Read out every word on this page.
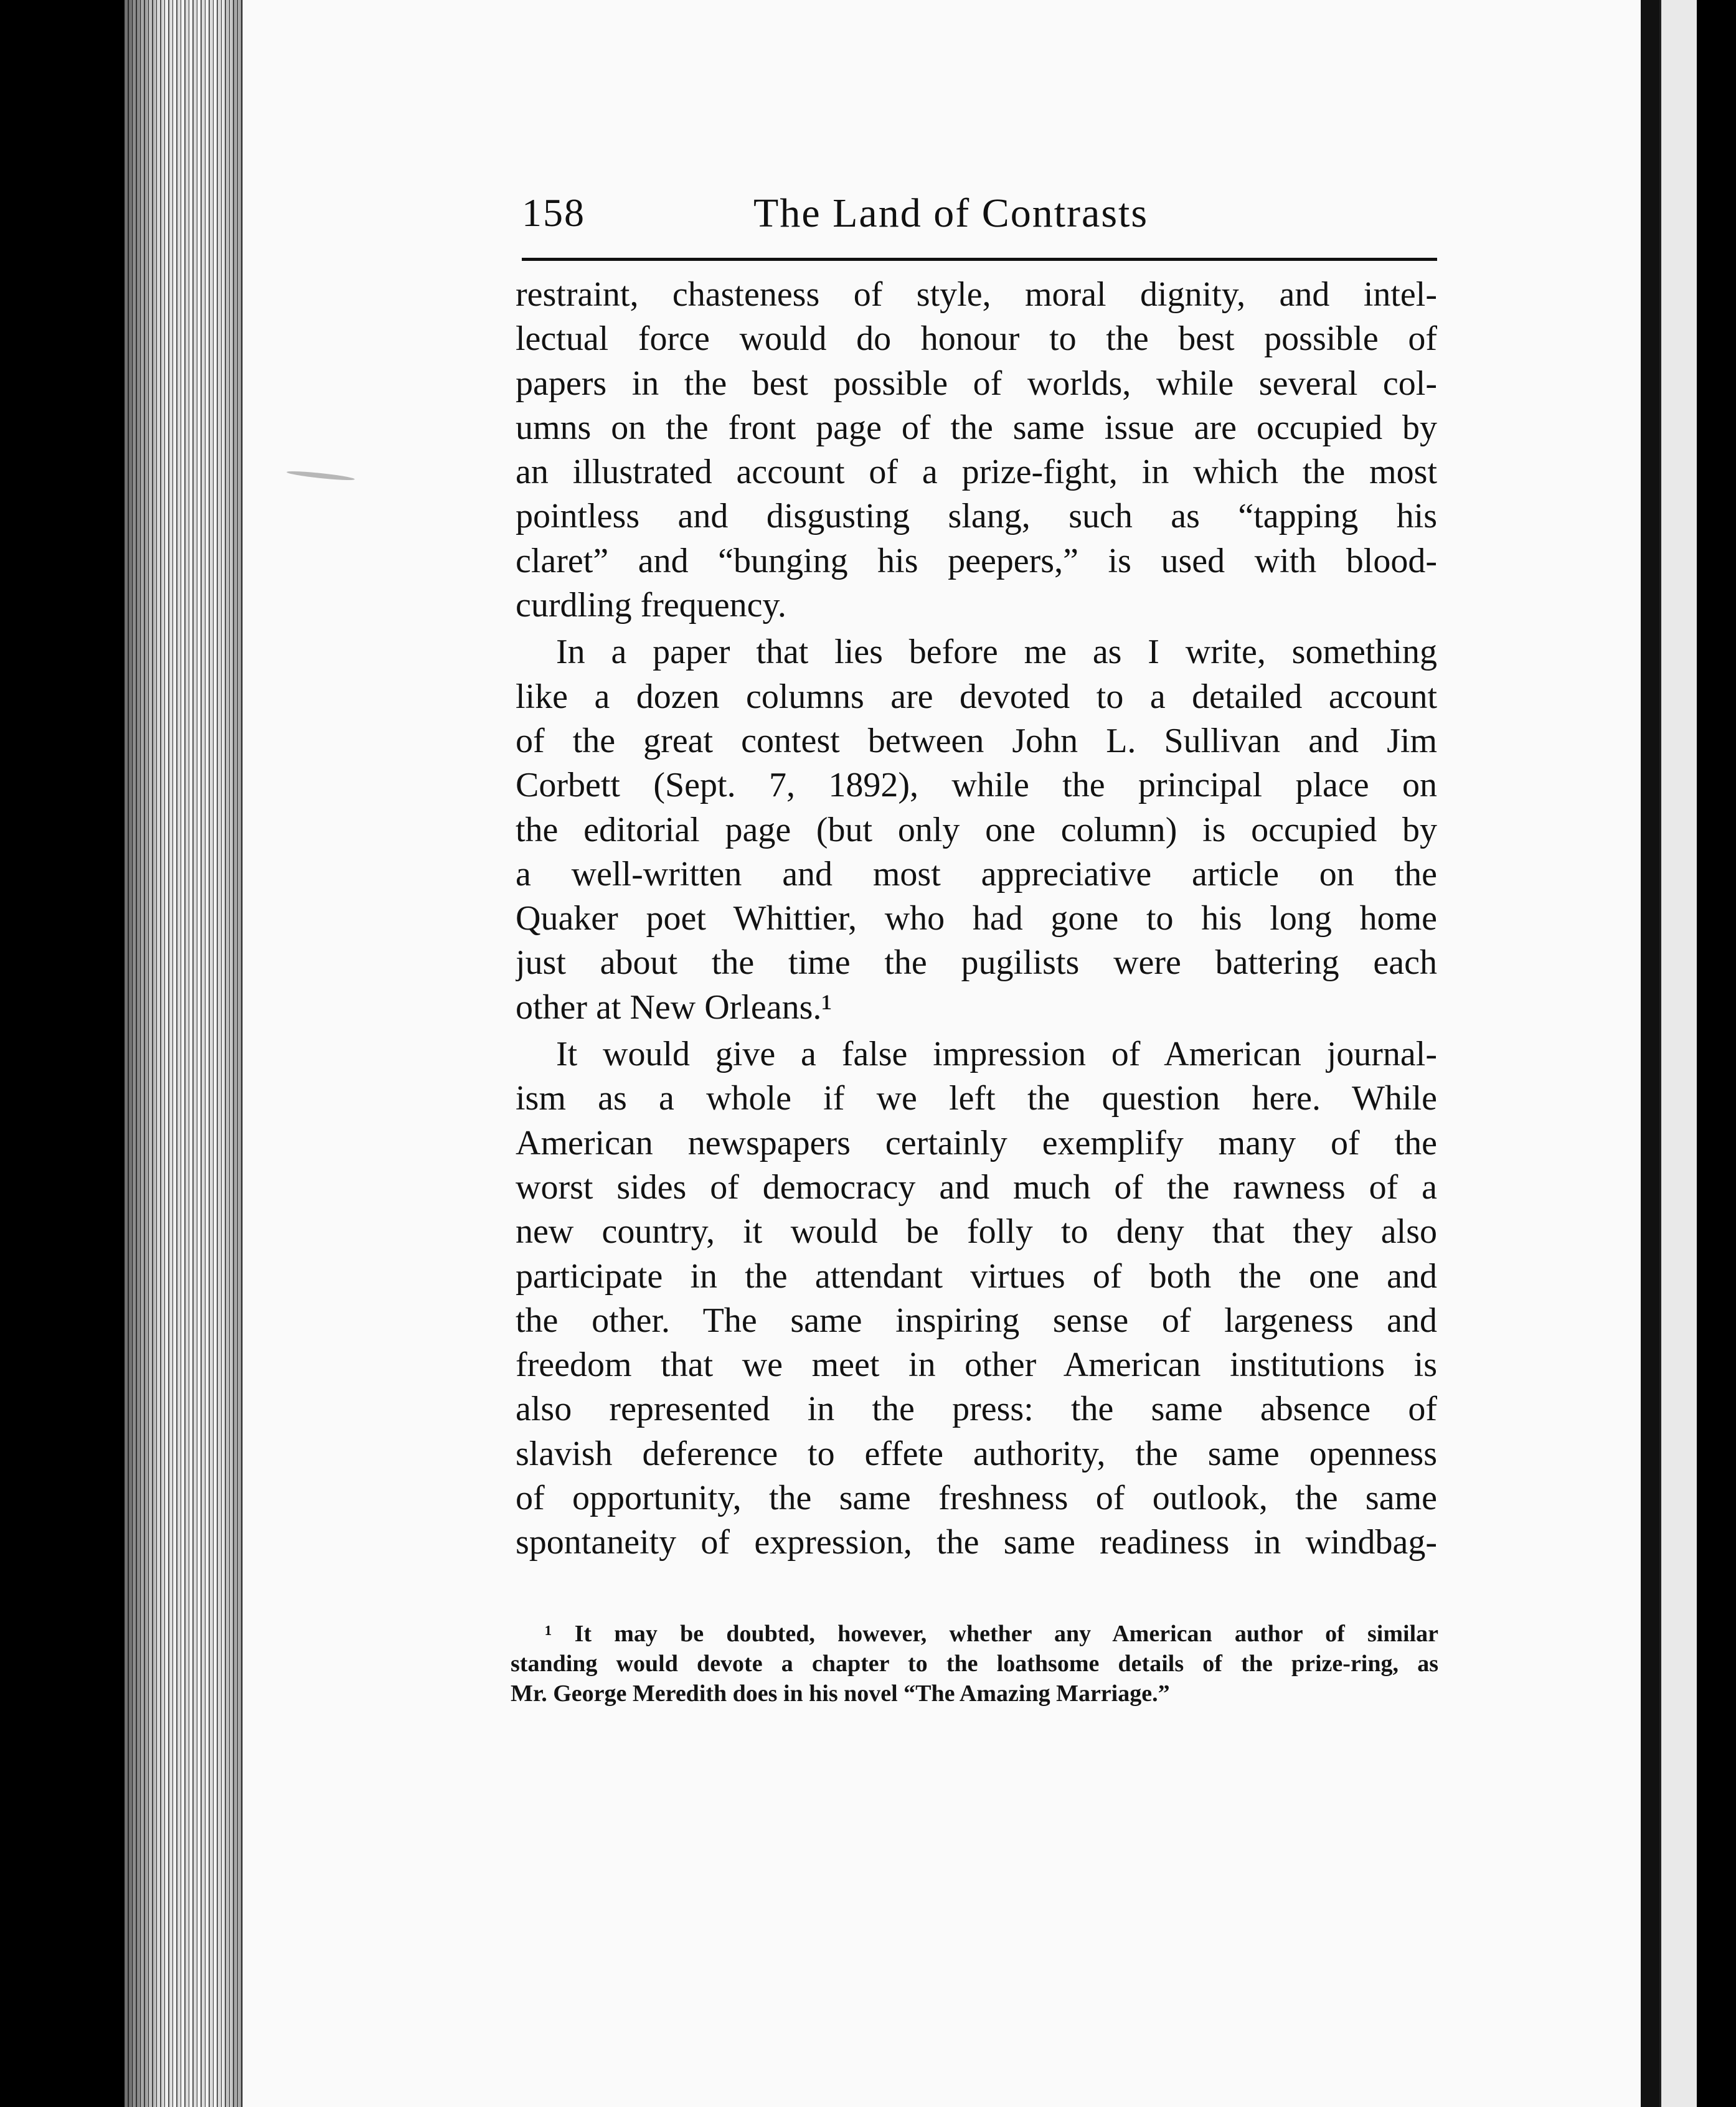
158	The Land of Contrasts
restraint, chasteness of style, moral dignity, and intel-
lectual force would do honour to the best possible of
papers in the best possible of worlds, while several col-
umns on the front page of the same issue are occupied by
an illustrated account of a prize-fight, in which the most
pointless and disgusting slang, such as “tapping his
claret” and “bunging his peepers,” is used with blood-
curdling frequency.
In a paper that lies before me as I write, something
like a dozen columns are devoted to a detailed account
of the great contest between John L. Sullivan and Jim
Corbett (Sept. 7, 1892), while the principal place on
the editorial page (but only one column) is occupied by
a well-written and most appreciative article on the
Quaker poet Whittier, who had gone to his long home
just about the time the pugilists were battering each
other at New Orleans.¹
It would give a false impression of American journal-
ism as a whole if we left the question here. While
American newspapers certainly exemplify many of the
worst sides of democracy and much of the rawness of a
new country, it would be folly to deny that they also
participate in the attendant virtues of both the one and
the other. The same inspiring sense of largeness and
freedom that we meet in other American institutions is
also represented in the press: the same absence of
slavish deference to effete authority, the same openness
of opportunity, the same freshness of outlook, the same
spontaneity of expression, the same readiness in windbag-
¹ It may be doubted, however, whether any American author of similar
standing would devote a chapter to the loathsome details of the prize-ring, as
Mr. George Meredith does in his novel “The Amazing Marriage.”
